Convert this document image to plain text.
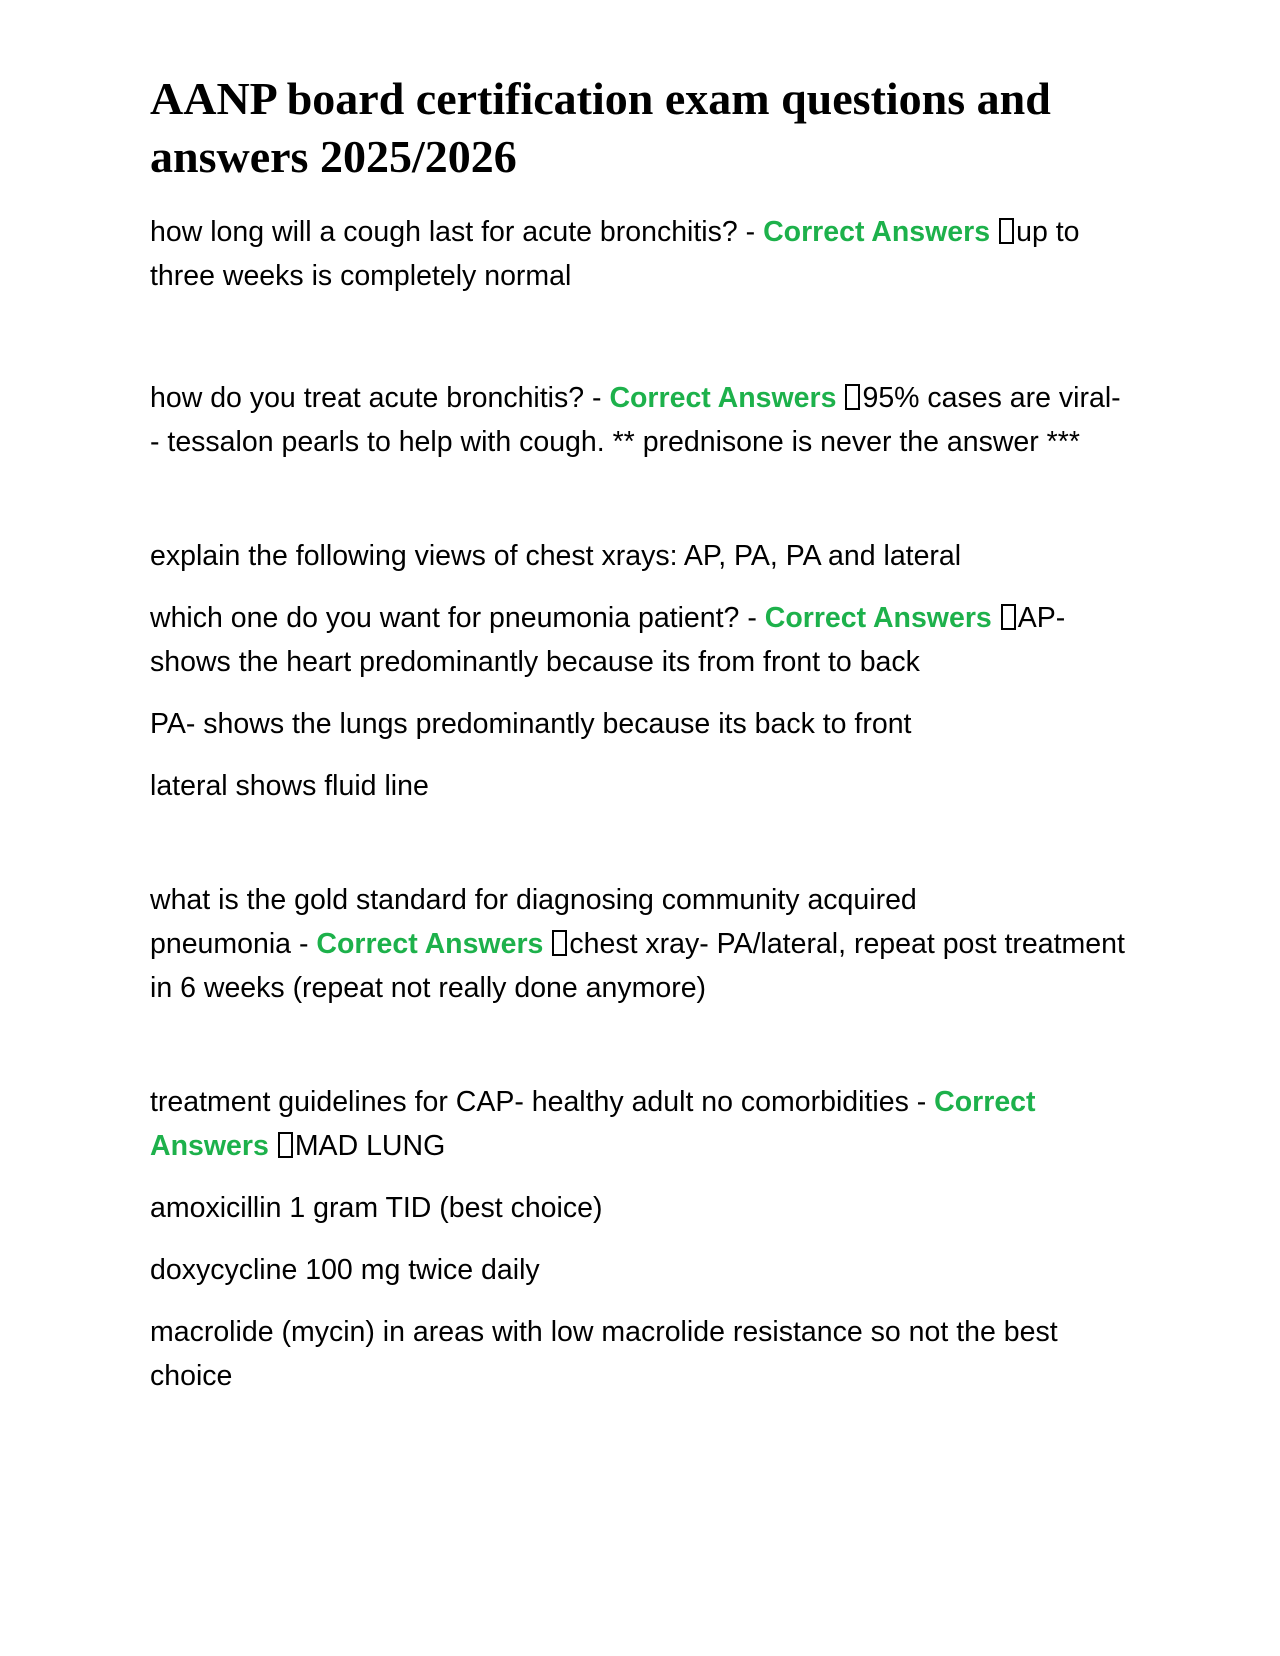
AANP board certification exam questions and answers 2025/2026

how long will a cough last for acute bronchitis? - Correct Answers up to three weeks is completely normal

how do you treat acute bronchitis? - Correct Answers 95% cases are viral-- tessalon pearls to help with cough. ** prednisone is never the answer ***

explain the following views of chest xrays: AP, PA, PA and lateral

which one do you want for pneumonia patient? - Correct Answers AP- shows the heart predominantly because its from front to back

PA- shows the lungs predominantly because its back to front

lateral shows fluid line

what is the gold standard for diagnosing community acquired

pneumonia - Correct Answers chest xray- PA/lateral, repeat post treatment in 6 weeks (repeat not really done anymore)

treatment guidelines for CAP- healthy adult no comorbidities - Correct Answers MAD LUNG

amoxicillin 1 gram TID (best choice)

doxycycline 100 mg twice daily

macrolide (mycin) in areas with low macrolide resistance so not the best choice
